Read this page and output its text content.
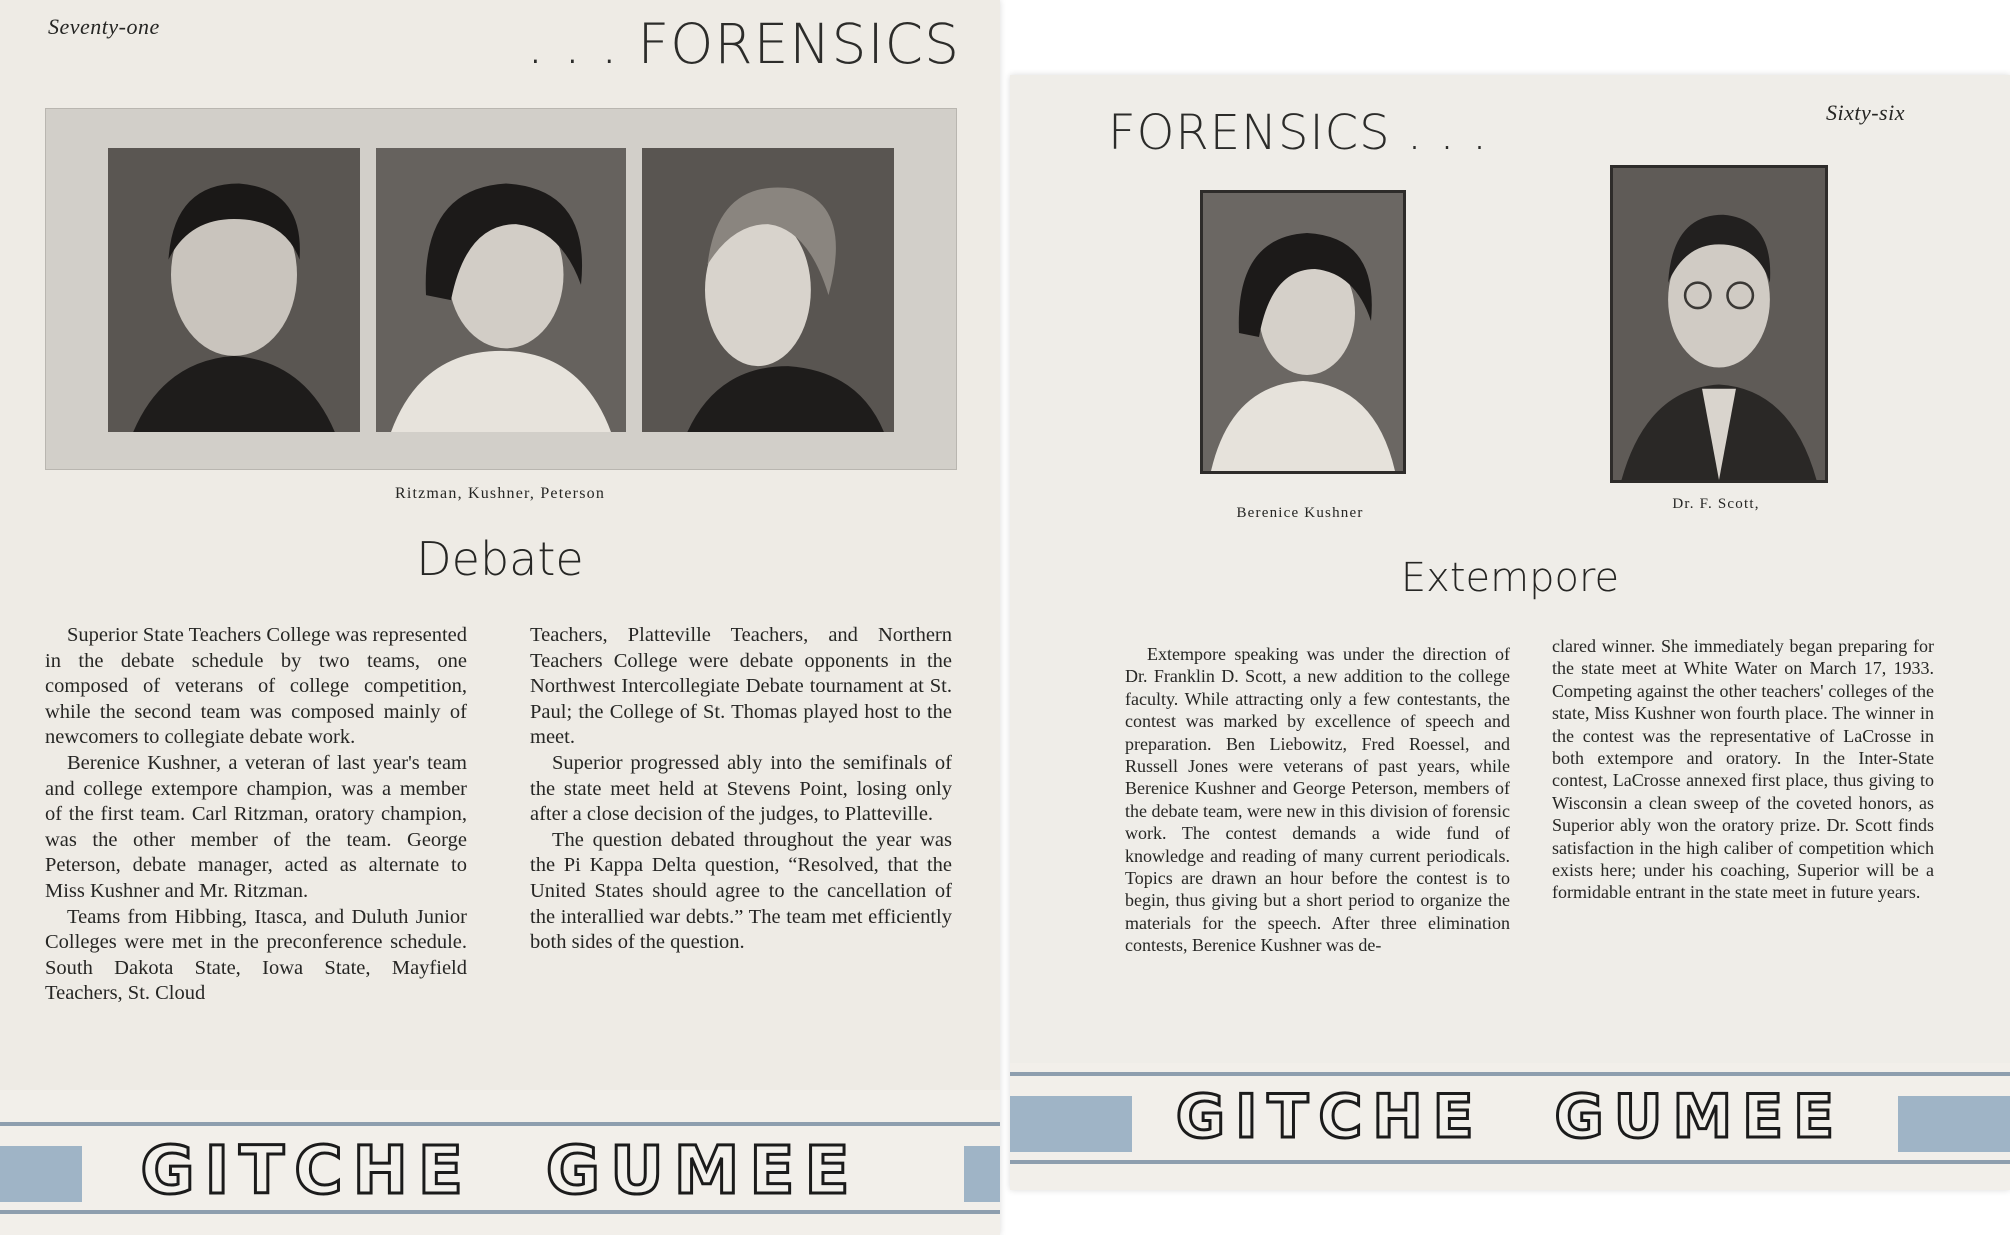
Seventy-one	. . . FORENSICS
Ritzman, Kushner, Peterson
Debate

Superior State Teachers College was represented in the debate schedule by two teams, one composed of veterans of college competition, while the second team was composed mainly of newcomers to collegiate debate work.

Berenice Kushner, a veteran of last year's team and college extempore champion, was a member of the first team. Carl Ritzman, oratory champion, was the other member of the team. George Peterson, debate manager, acted as alternate to Miss Kushner and Mr. Ritzman.

Teams from Hibbing, Itasca, and Duluth Junior Colleges were met in the preconference schedule. South Dakota State, Iowa State, Mayfield Teachers, St. Cloud

Teachers, Platteville Teachers, and Northern Teachers College were debate opponents in the Northwest Intercollegiate Debate tournament at St. Paul; the College of St. Thomas played host to the meet.

Superior progressed ably into the semifinals of the state meet held at Stevens Point, losing only after a close decision of the judges, to Platteville.

The question debated throughout the year was the Pi Kappa Delta question, “Resolved, that the United States should agree to the cancellation of the interallied war debts.” The team met efficiently both sides of the question.

GITCHE GUMEE
Sixty-six
FORENSICS . . .
Berenice Kushner
Dr. F. Scott,
Extempore

Extempore speaking was under the direction of Dr. Franklin D. Scott, a new addition to the college faculty. While attracting only a few contestants, the contest was marked by excellence of speech and preparation. Ben Liebowitz, Fred Roessel, and Russell Jones were veterans of past years, while Berenice Kushner and George Peterson, members of the debate team, were new in this division of forensic work. The contest demands a wide fund of knowledge and reading of many current periodicals. Topics are drawn an hour before the contest is to begin, thus giving but a short period to organize the materials for the speech. After three elimination contests, Berenice Kushner was de-

clared winner. She immediately began preparing for the state meet at White Water on March 17, 1933. Competing against the other teachers' colleges of the state, Miss Kushner won fourth place. The winner in the contest was the representative of LaCrosse in both extempore and oratory. In the Inter-State contest, LaCrosse annexed first place, thus giving to Wisconsin a clean sweep of the coveted honors, as Superior ably won the oratory prize. Dr. Scott finds satisfaction in the high caliber of competition which exists here; under his coaching, Superior will be a formidable entrant in the state meet in future years.

GITCHE GUMEE
